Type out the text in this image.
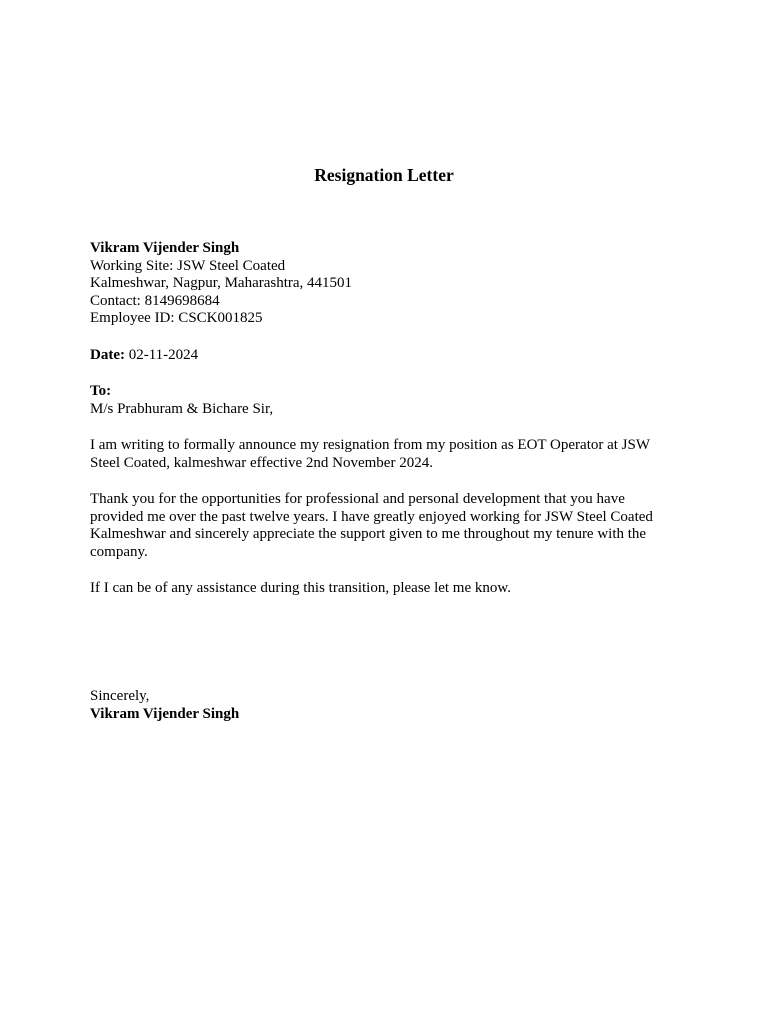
Resignation Letter
Vikram Vijender Singh
Working Site: JSW Steel Coated
Kalmeshwar, Nagpur, Maharashtra, 441501
Contact: 8149698684
Employee ID: CSCK001825
Date: 02-11-2024
To:
M/s Prabhuram & Bichare Sir,
I am writing to formally announce my resignation from my position as EOT Operator at JSW
Steel Coated, kalmeshwar effective 2nd November 2024.
Thank you for the opportunities for professional and personal development that you have
provided me over the past twelve years. I have greatly enjoyed working for JSW Steel Coated
Kalmeshwar and sincerely appreciate the support given to me throughout my tenure with the
company.
If I can be of any assistance during this transition, please let me know.
Sincerely,
Vikram Vijender Singh
